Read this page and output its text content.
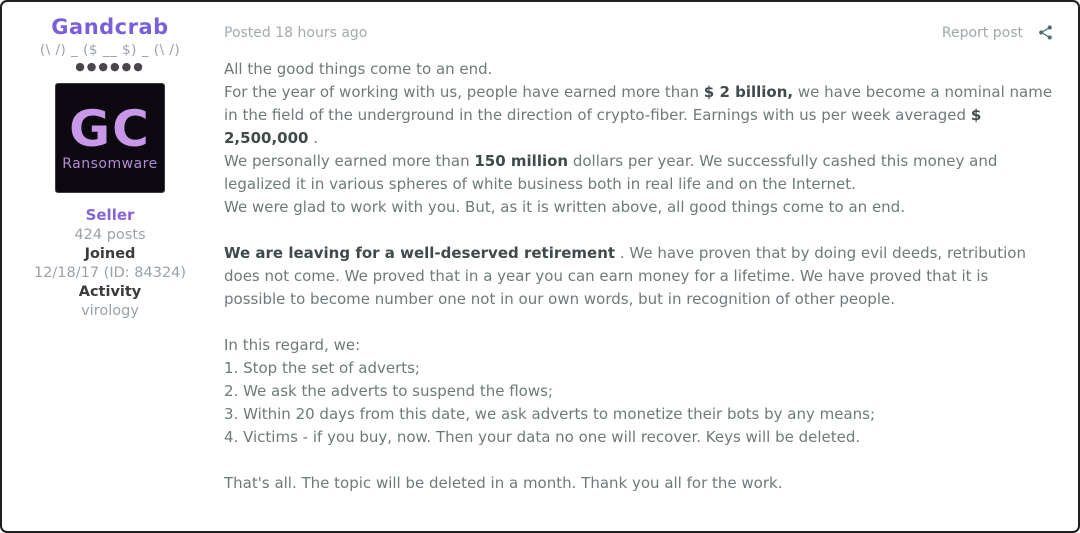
Gandcrab
(\ /) _ ($ __ $) _ (\ /)
●●●●●●
GC
Ransomware
Seller
424 posts
Joined
12/18/17 (ID: 84324)
Activity
virology
Posted 18 hours ago	Report post

All the good things come to an end.

For the year of working with us, people have earned more than $ 2 billion, we have become a nominal name in the field of the underground in the direction of crypto-fiber. Earnings with us per week averaged $ 2,500,000 .

We personally earned more than 150 million dollars per year. We successfully cashed this money and legalized it in various spheres of white business both in real life and on the Internet.

We were glad to work with you. But, as it is written above, all good things come to an end.

We are leaving for a well-deserved retirement . We have proven that by doing evil deeds, retribution does not come. We proved that in a year you can earn money for a lifetime. We have proved that it is possible to become number one not in our own words, but in recognition of other people.

In this regard, we:

1. Stop the set of adverts;

2. We ask the adverts to suspend the flows;

3. Within 20 days from this date, we ask adverts to monetize their bots by any means;

4. Victims - if you buy, now. Then your data no one will recover. Keys will be deleted.

That's all. The topic will be deleted in a month. Thank you all for the work.
